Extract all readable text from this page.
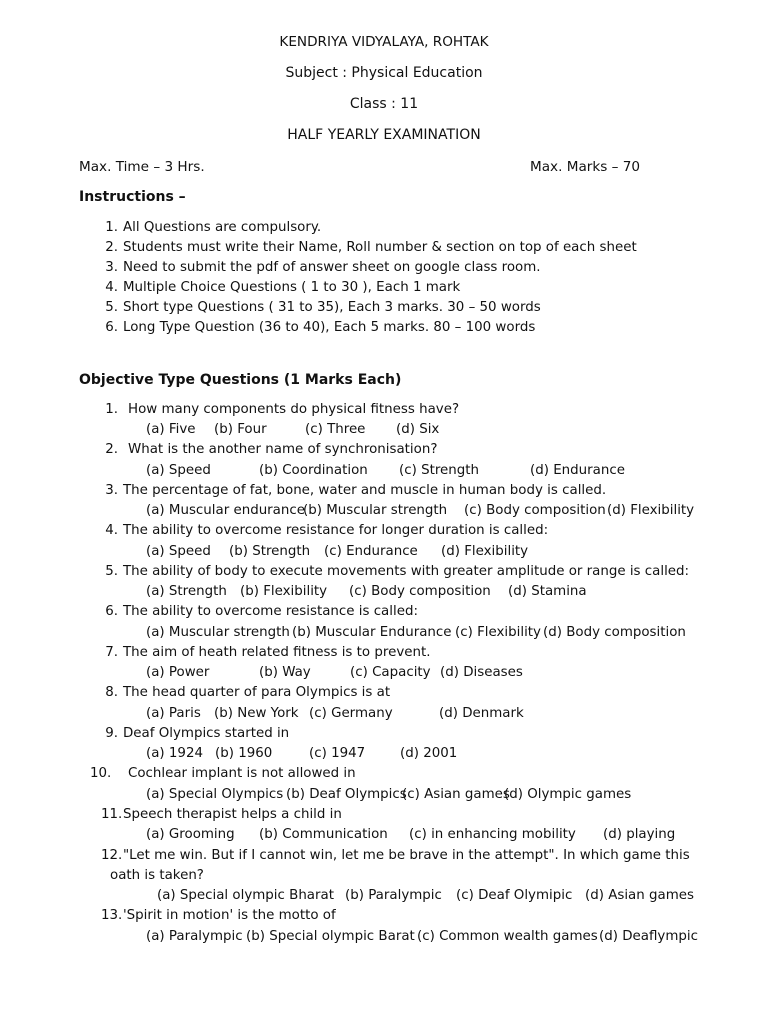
KENDRIYA VIDYALAYA, ROHTAK
Subject : Physical Education
Class : 11
HALF YEARLY EXAMINATION
Max. Time – 3 Hrs.	Max. Marks – 70
Instructions –
1. All Questions are compulsory.
2. Students must write their Name, Roll number & section on top of each sheet
3. Need to submit the pdf of answer sheet on google class room.
4. Multiple Choice Questions ( 1 to 30 ), Each 1 mark
5. Short type Questions ( 31 to 35), Each 3 marks. 30 – 50 words
6. Long Type Question (36 to 40), Each 5 marks. 80 – 100 words
Objective Type Questions (1 Marks Each)
1. How many components do physical fitness have?
(a) Five (b) Four	(c) Three (d) Six
2. What is the another name of synchronisation?
(a) Speed	(b) Coordination (c) Strength	(d) Endurance
3. The percentage of fat, bone, water and muscle in human body is called.
(a) Muscular endurance
(b) Muscular strength (c) Body composition (d) Flexibility
4. The ability to overcome resistance for longer duration is called:
(a) Speed (b) Strength (c) Endurance (d) Flexibility
5. The ability of body to execute movements with greater amplitude or range is called:
(a) Strength (b) Flexibility (c) Body composition (d) Stamina
6. The ability to overcome resistance is called:
(a) Muscular strength (b) Muscular Endurance (c) Flexibility (d) Body composition
7. The aim of heath related fitness is to prevent.
(a) Power	(b) Way	(c) Capacity (d) Diseases
8. The head quarter of para Olympics is at
(a) Paris (b) New York (c) Germany	(d) Denmark
9. Deaf Olympics started in
(a) 1924 (b) 1960	(c) 1947	(d) 2001
10.	Cochlear implant is not allowed in
(a) Special Olympics (b) Deaf Olympics
(c) Asian games
(d) Olympic games
11. Speech therapist helps a child in
(a) Grooming (b) Communication (c) in enhancing mobility (d) playing
12. "Let me win. But if I cannot win, let me be brave in the attempt". In which game this
oath is taken?
(a) Special olympic Bharat (b) Paralympic (c) Deaf Olymipic (d) Asian games
13. 'Spirit in motion' is the motto of
(a) Paralympic (b) Special olympic Barat (c) Common wealth games (d) Deaflympic
